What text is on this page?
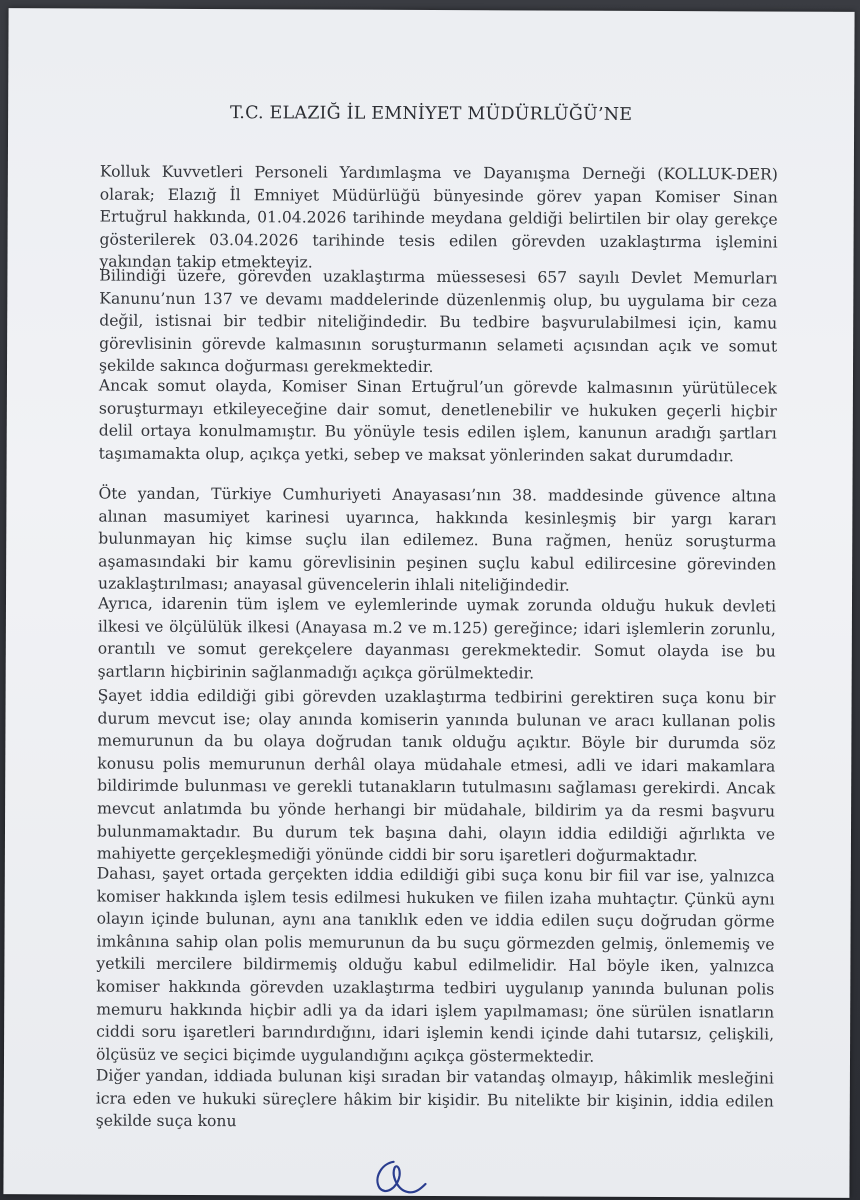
T.C. ELAZIĞ İL EMNİYET MÜDÜRLÜĞÜ’NE

Kolluk Kuvvetleri Personeli Yardımlaşma ve Dayanışma Derneği (KOLLUK-DER) olarak; Elazığ İl Emniyet Müdürlüğü bünyesinde görev yapan Komiser Sinan Ertuğrul hakkında, 01.04.2026 tarihinde meydana geldiği belirtilen bir olay gerekçe gösterilerek 03.04.2026 tarihinde tesis edilen görevden uzaklaştırma işlemini yakından takip etmekteyiz.

Bilindiği üzere, görevden uzaklaştırma müessesesi 657 sayılı Devlet Memurları Kanunu’nun 137 ve devamı maddelerinde düzenlenmiş olup, bu uygulama bir ceza değil, istisnai bir tedbir niteliğindedir. Bu tedbire başvurulabilmesi için, kamu görevlisinin görevde kalmasının soruşturmanın selameti açısından açık ve somut şekilde sakınca doğurması gerekmektedir.

Ancak somut olayda, Komiser Sinan Ertuğrul’un görevde kalmasının yürütülecek soruşturmayı etkileyeceğine dair somut, denetlenebilir ve hukuken geçerli hiçbir delil ortaya konulmamıştır. Bu yönüyle tesis edilen işlem, kanunun aradığı şartları taşımamakta olup, açıkça yetki, sebep ve maksat yönlerinden sakat durumdadır.

Öte yandan, Türkiye Cumhuriyeti Anayasası’nın 38. maddesinde güvence altına alınan masumiyet karinesi uyarınca, hakkında kesinleşmiş bir yargı kararı bulunmayan hiç kimse suçlu ilan edilemez. Buna rağmen, henüz soruşturma aşamasındaki bir kamu görevlisinin peşinen suçlu kabul edilircesine görevinden uzaklaştırılması; anayasal güvencelerin ihlali niteliğindedir.

Ayrıca, idarenin tüm işlem ve eylemlerinde uymak zorunda olduğu hukuk devleti ilkesi ve ölçülülük ilkesi (Anayasa m.2 ve m.125) gereğince; idari işlemlerin zorunlu, orantılı ve somut gerekçelere dayanması gerekmektedir. Somut olayda ise bu şartların hiçbirinin sağlanmadığı açıkça görülmektedir.

Şayet iddia edildiği gibi görevden uzaklaştırma tedbirini gerektiren suça konu bir durum mevcut ise; olay anında komiserin yanında bulunan ve aracı kullanan polis memurunun da bu olaya doğrudan tanık olduğu açıktır. Böyle bir durumda söz konusu polis memurunun derhâl olaya müdahale etmesi, adli ve idari makamlara bildirimde bulunması ve gerekli tutanakların tutulmasını sağlaması gerekirdi. Ancak mevcut anlatımda bu yönde herhangi bir müdahale, bildirim ya da resmi başvuru bulunmamaktadır. Bu durum tek başına dahi, olayın iddia edildiği ağırlıkta ve mahiyette gerçekleşmediği yönünde ciddi bir soru işaretleri doğurmaktadır.

Dahası, şayet ortada gerçekten iddia edildiği gibi suça konu bir fiil var ise, yalnızca komiser hakkında işlem tesis edilmesi hukuken ve fiilen izaha muhtaçtır. Çünkü aynı olayın içinde bulunan, aynı ana tanıklık eden ve iddia edilen suçu doğrudan görme imkânına sahip olan polis memurunun da bu suçu görmezden gelmiş, önlememiş ve yetkili mercilere bildirmemiş olduğu kabul edilmelidir. Hal böyle iken, yalnızca komiser hakkında görevden uzaklaştırma tedbiri uygulanıp yanında bulunan polis memuru hakkında hiçbir adli ya da idari işlem yapılmaması; öne sürülen isnatların ciddi soru işaretleri barındırdığını, idari işlemin kendi içinde dahi tutarsız, çelişkili, ölçüsüz ve seçici biçimde uygulandığını açıkça göstermektedir.

Diğer yandan, iddiada bulunan kişi sıradan bir vatandaş olmayıp, hâkimlik mesleğini icra eden ve hukuki süreçlere hâkim bir kişidir. Bu nitelikte bir kişinin, iddia edilen şekilde suça konu
